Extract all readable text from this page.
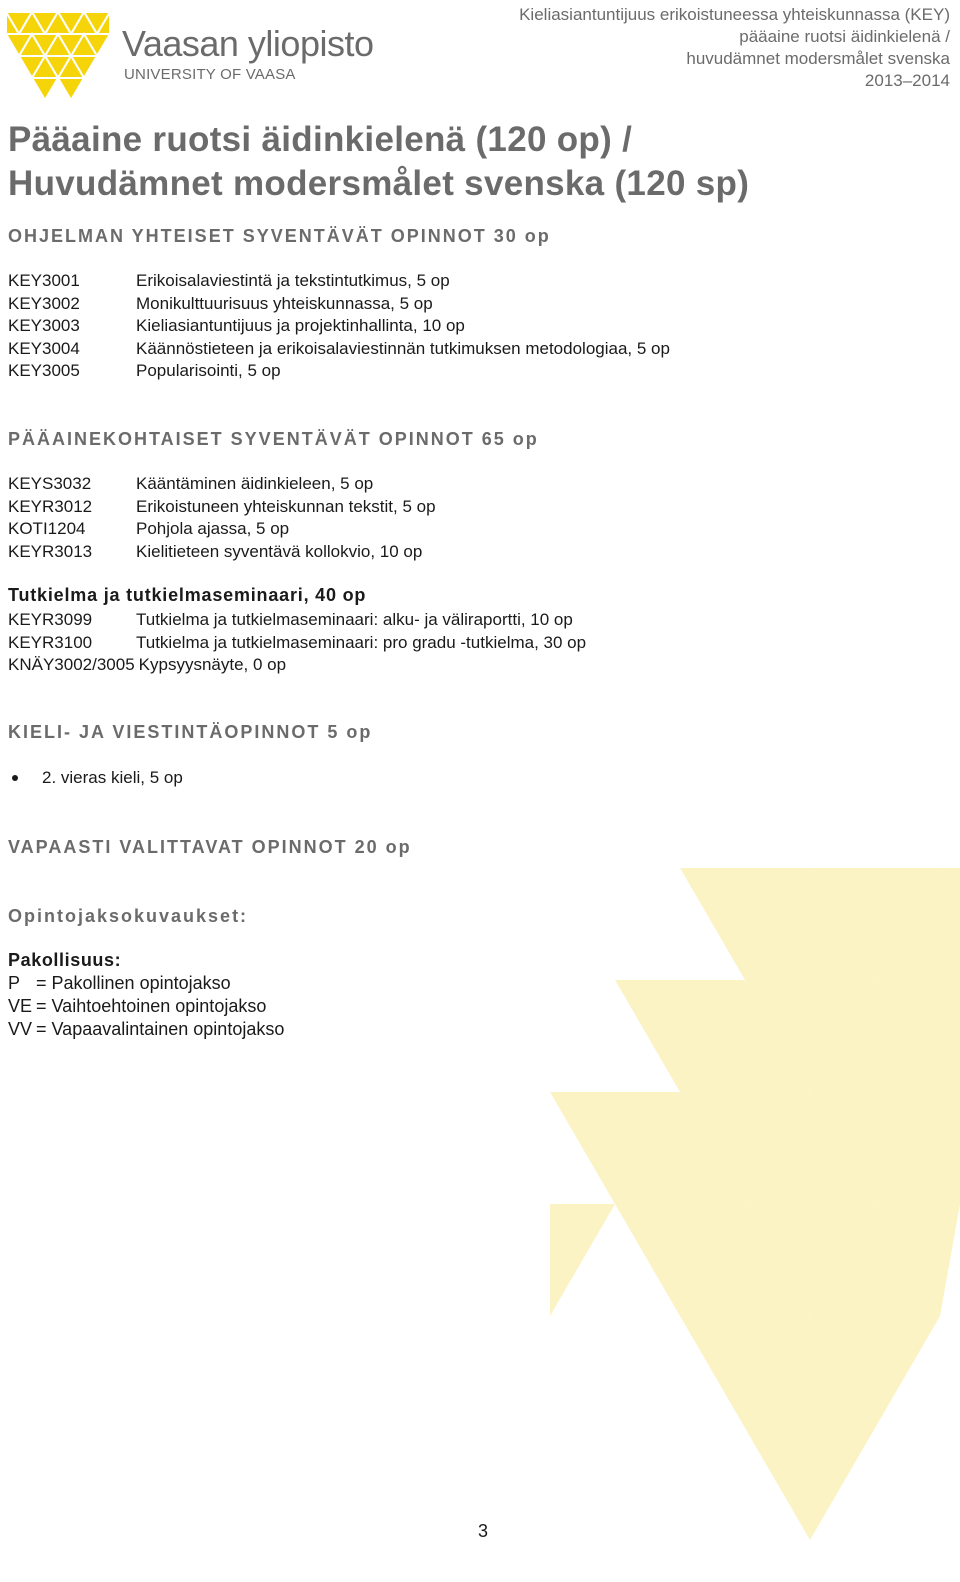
Vaasan yliopisto
UNIVERSITY OF VAASA
Kieliasiantuntijuus erikoistuneessa yhteiskunnassa (KEY)
pääaine ruotsi äidinkielenä /
huvudämnet modersmålet svenska
2013–2014
Pääaine ruotsi äidinkielenä (120 op) /
Huvudämnet modersmålet svenska (120 sp)
OHJELMAN YHTEISET SYVENTÄVÄT OPINNOT 30 op
KEY3001	Erikoisalaviestintä ja tekstintutkimus, 5 op
KEY3002	Monikulttuurisuus yhteiskunnassa, 5 op
KEY3003	Kieliasiantuntijuus ja projektinhallinta, 10 op
KEY3004	Käännöstieteen ja erikoisalaviestinnän tutkimuksen metodologiaa, 5 op
KEY3005	Popularisointi, 5 op
PÄÄAINEKOHTAISET SYVENTÄVÄT OPINNOT 65 op
KEYS3032	Kääntäminen äidinkieleen, 5 op
KEYR3012	Erikoistuneen yhteiskunnan tekstit, 5 op
KOTI1204	Pohjola ajassa, 5 op
KEYR3013	Kielitieteen syventävä kollokvio, 10 op
Tutkielma ja tutkielmaseminaari, 40 op
KEYR3099	Tutkielma ja tutkielmaseminaari: alku- ja väliraportti, 10 op
KEYR3100	Tutkielma ja tutkielmaseminaari: pro gradu -tutkielma, 30 op
KNÄY3002/3005 Kypsyysnäyte, 0 op
KIELI- JA VIESTINTÄOPINNOT 5 op
2. vieras kieli, 5 op
VAPAASTI VALITTAVAT OPINNOT 20 op
Opintojaksokuvaukset:
Pakollisuus:
P = Pakollinen opintojakso
VE = Vaihtoehtoinen opintojakso
VV = Vapaavalintainen opintojakso
3
